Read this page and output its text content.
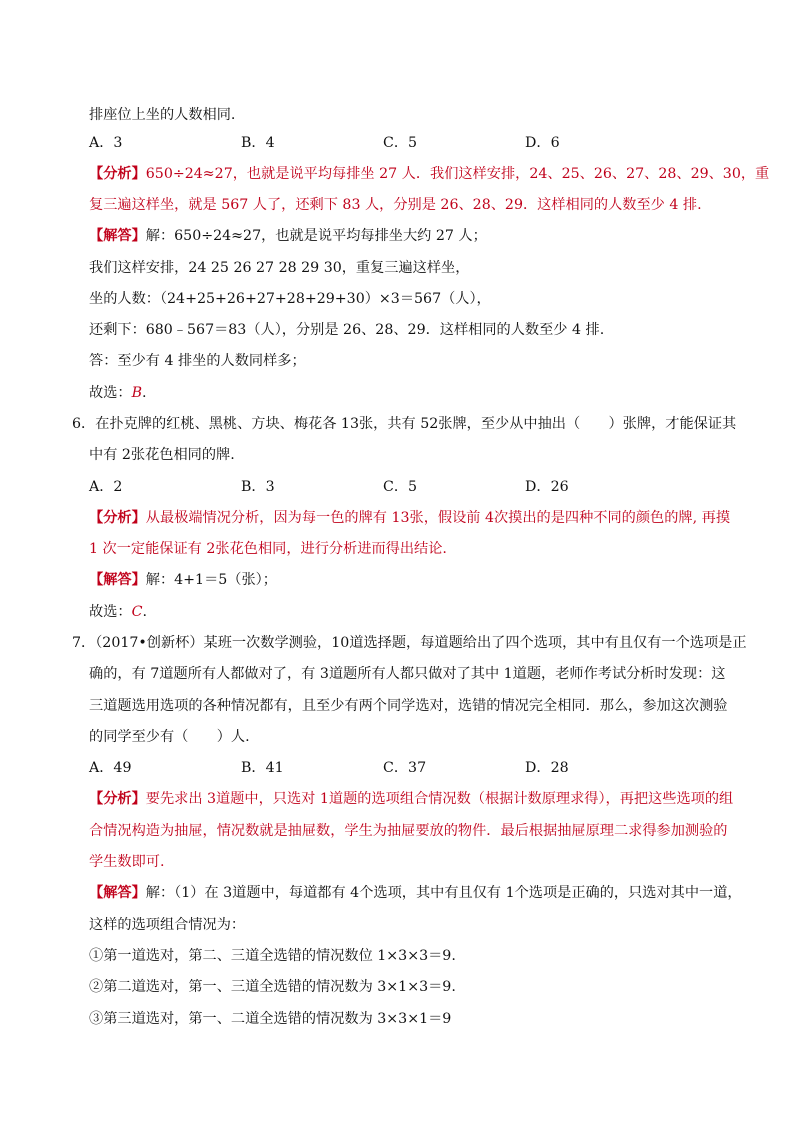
排座位上坐的人数相同.
A．3	B．4	C．5	D．6
【分析】650÷24≈27，也就是说平均每排坐 27 人．我们这样安排，24、25、26、27、28、29、30，重
复三遍这样坐，就是 567 人了，还剩下 83 人，分别是 26、28、29．这样相同的人数至少 4 排.
【解答】解：650÷24≈27，也就是说平均每排坐大约 27 人；
我们这样安排，24 25 26 27 28 29 30，重复三遍这样坐，
坐的人数：（24+25+26+27+28+29+30）×3＝567（人），
还剩下：680﹣567＝83（人），分别是 26、28、29．这样相同的人数至少 4 排.
答：至少有 4 排坐的人数同样多；
故选：B.
6．在扑克牌的红桃、黑桃、方块、梅花各 13张，共有 52张牌，至少从中抽出（　　）张牌，才能保证其
中有 2张花色相同的牌.
A．2	B．3	C．5	D．26
【分析】从最极端情况分析，因为每一色的牌有 13张，假设前 4次摸出的是四种不同的颜色的牌, 再摸
1 次一定能保证有 2张花色相同，进行分析进而得出结论.
【解答】解：4+1＝5（张）；
故选：C.
7．（2017•创新杯）某班一次数学测验，10道选择题，每道题给出了四个选项，其中有且仅有一个选项是正
确的，有 7道题所有人都做对了，有 3道题所有人都只做对了其中 1道题，老师作考试分析时发现：这
三道题选用选项的各种情况都有，且至少有两个同学选对，选错的情况完全相同．那么，参加这次测验
的同学至少有（　　）人.
A．49	B．41	C．37	D．28
【分析】要先求出 3道题中，只选对 1道题的选项组合情况数（根据计数原理求得），再把这些选项的组
合情况构造为抽屉，情况数就是抽屉数，学生为抽屉要放的物件．最后根据抽屉原理二求得参加测验的
学生数即可.
【解答】解：（1）在 3道题中，每道都有 4个选项，其中有且仅有 1个选项是正确的，只选对其中一道，
这样的选项组合情况为：
①第一道选对，第二、三道全选错的情况数位 1×3×3＝9.
②第二道选对，第一、三道全选错的情况数为 3×1×3＝9.
③第三道选对，第一、二道全选错的情况数为 3×3×1＝9
